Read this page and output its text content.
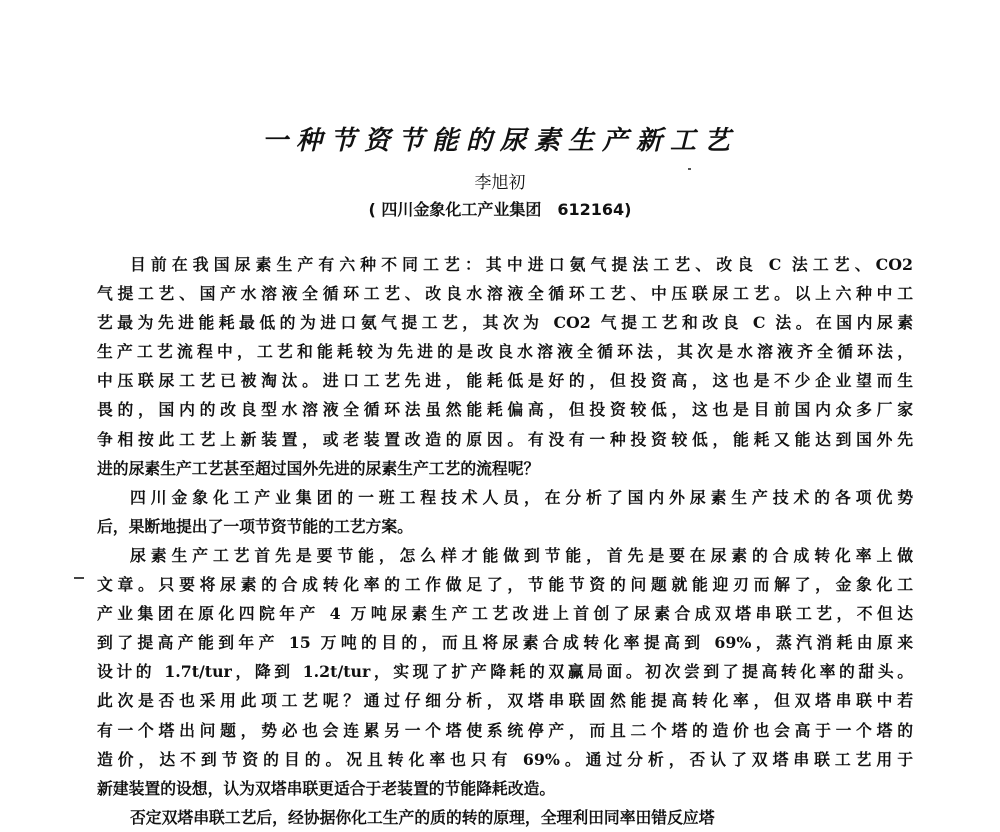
一种节资节能的尿素生产新工艺
李旭初
( 四川金象化工产业集团　612164)
目前在我国尿素生产有六种不同工艺：其中进口氨气提法工艺、改良 C 法工艺、CO2
气提工艺、国产水溶液全循环工艺、改良水溶液全循环工艺、中压联尿工艺。以上六种中工
艺最为先进能耗最低的为进口氨气提工艺，其次为 CO2 气提工艺和改良 C 法。在国内尿素
生产工艺流程中，工艺和能耗较为先进的是改良水溶液全循环法，其次是水溶液齐全循环法，
中压联尿工艺已被淘汰。进口工艺先进，能耗低是好的，但投资高，这也是不少企业望而生
畏的，国内的改良型水溶液全循环法虽然能耗偏高，但投资较低，这也是目前国内众多厂家
争相按此工艺上新装置，或老装置改造的原因。有没有一种投资较低，能耗又能达到国外先
进的尿素生产工艺甚至超过国外先进的尿素生产工艺的流程呢？
四川金象化工产业集团的一班工程技术人员，在分析了国内外尿素生产技术的各项优势
后，果断地提出了一项节资节能的工艺方案。
尿素生产工艺首先是要节能，怎么样才能做到节能，首先是要在尿素的合成转化率上做
文章。只要将尿素的合成转化率的工作做足了，节能节资的问题就能迎刃而解了，金象化工
产业集团在原化四院年产 4 万吨尿素生产工艺改进上首创了尿素合成双塔串联工艺，不但达
到了提高产能到年产 15 万吨的目的，而且将尿素合成转化率提高到 69%，蒸汽消耗由原来
设计的 1.7t/tur，降到 1.2t/tur，实现了扩产降耗的双赢局面。初次尝到了提高转化率的甜头。
此次是否也采用此项工艺呢？通过仔细分析，双塔串联固然能提高转化率，但双塔串联中若
有一个塔出问题，势必也会连累另一个塔使系统停产，而且二个塔的造价也会高于一个塔的
造价，达不到节资的目的。况且转化率也只有 69%。通过分析，否认了双塔串联工艺用于
新建装置的设想，认为双塔串联更适合于老装置的节能降耗改造。
否定双塔串联工艺后，经协据你化工生产的质的转的原理，全理利田同率田错反应塔
